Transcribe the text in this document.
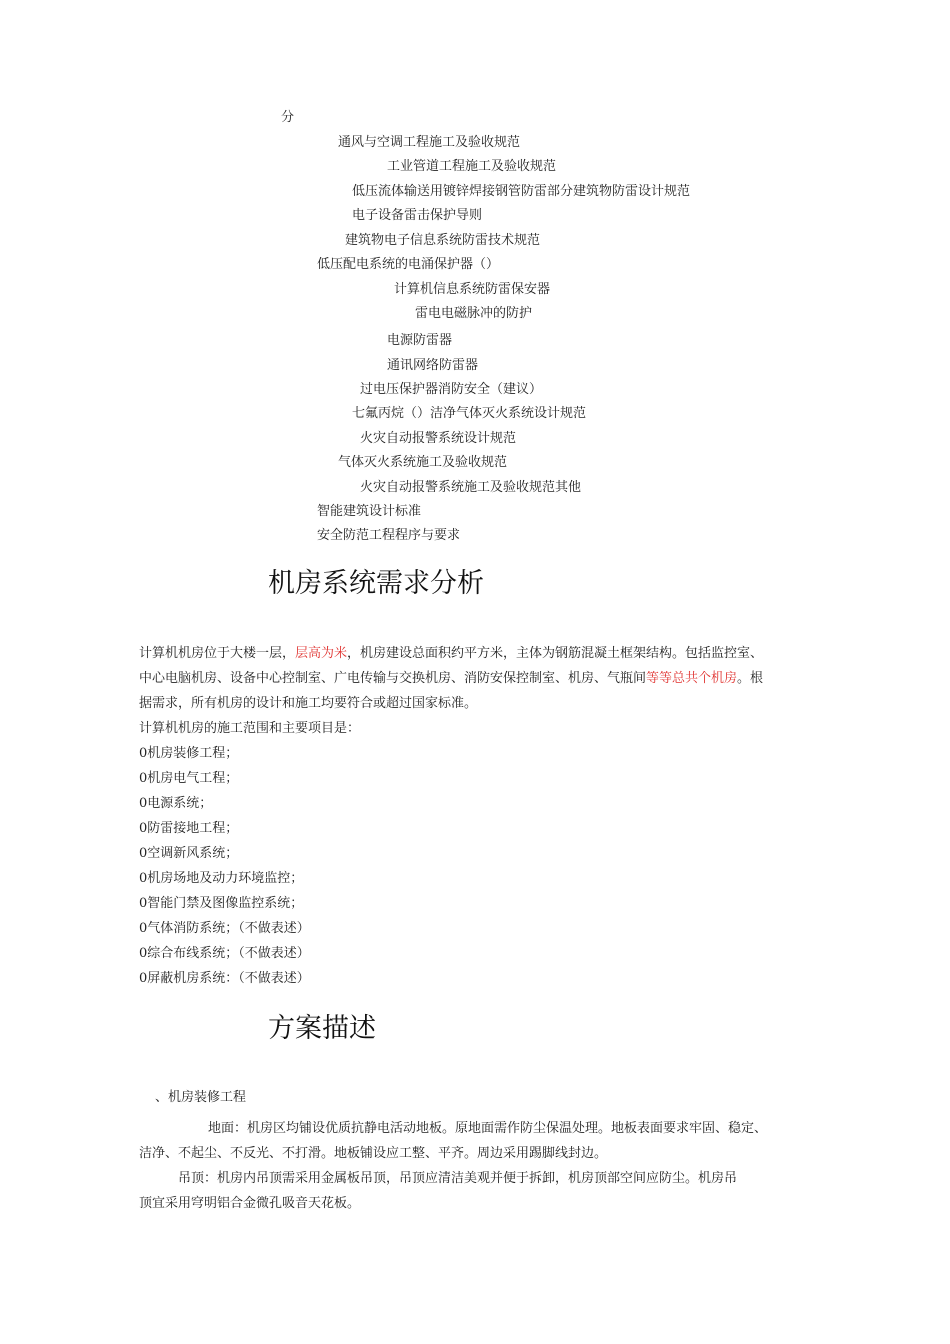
分
通风与空调工程施工及验收规范
工业管道工程施工及验收规范
低压流体输送用镀锌焊接钢管防雷部分建筑物防雷设计规范
电子设备雷击保护导则
建筑物电子信息系统防雷技术规范
低压配电系统的电涌保护器（）
计算机信息系统防雷保安器
雷电电磁脉冲的防护
电源防雷器
通讯网络防雷器
过电压保护器消防安全（建议）
七氟丙烷（）洁净气体灭火系统设计规范
火灾自动报警系统设计规范
气体灭火系统施工及验收规范
火灾自动报警系统施工及验收规范其他
智能建筑设计标准
安全防范工程程序与要求
机房系统需求分析
计算机机房位于大楼一层，层高为米，机房建设总面积约平方米，主体为钢筋混凝土框架结构。包括监控室、
中心电脑机房、设备中心控制室、广电传输与交换机房、消防安保控制室、机房、气瓶间等等总共个机房。根
据需求，所有机房的设计和施工均要符合或超过国家标准。
计算机机房的施工范围和主要项目是：
0机房装修工程；
0机房电气工程；
0电源系统；
0防雷接地工程；
0空调新风系统；
0机房场地及动力环境监控；
0智能门禁及图像监控系统；
0气体消防系统；（不做表述）
0综合布线系统；（不做表述）
0屏蔽机房系统：（不做表述）
方案描述
、机房装修工程
地面：机房区均铺设优质抗静电活动地板。原地面需作防尘保温处理。地板表面要求牢固、稳定、
洁净、不起尘、不反光、不打滑。地板铺设应工整、平齐。周边采用踢脚线封边。
吊顶：机房内吊顶需采用金属板吊顶，吊顶应清洁美观并便于拆卸，机房顶部空间应防尘。机房吊
顶宜采用穹明铝合金微孔吸音天花板。
